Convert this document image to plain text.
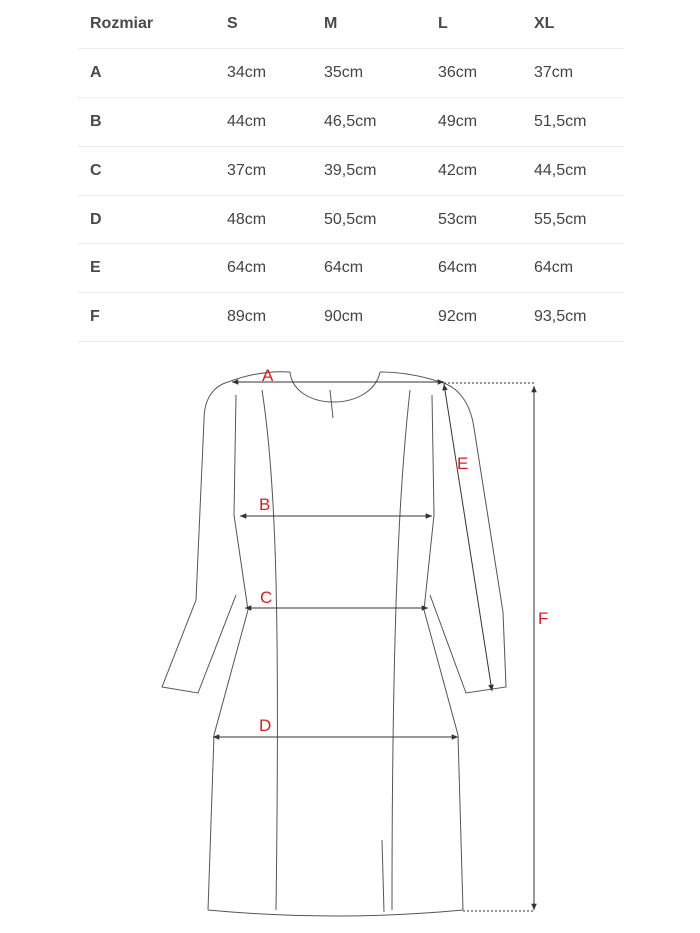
Rozmiar	S	M	L	XL
A	34cm	35cm	36cm	37cm
B	44cm	46,5cm	49cm	51,5cm
C	37cm	39,5cm	42cm	44,5cm
D	48cm	50,5cm	53cm	55,5cm
E	64cm	64cm	64cm	64cm
F	89cm	90cm	92cm	93,5cm
A
B
C
D
E
F
